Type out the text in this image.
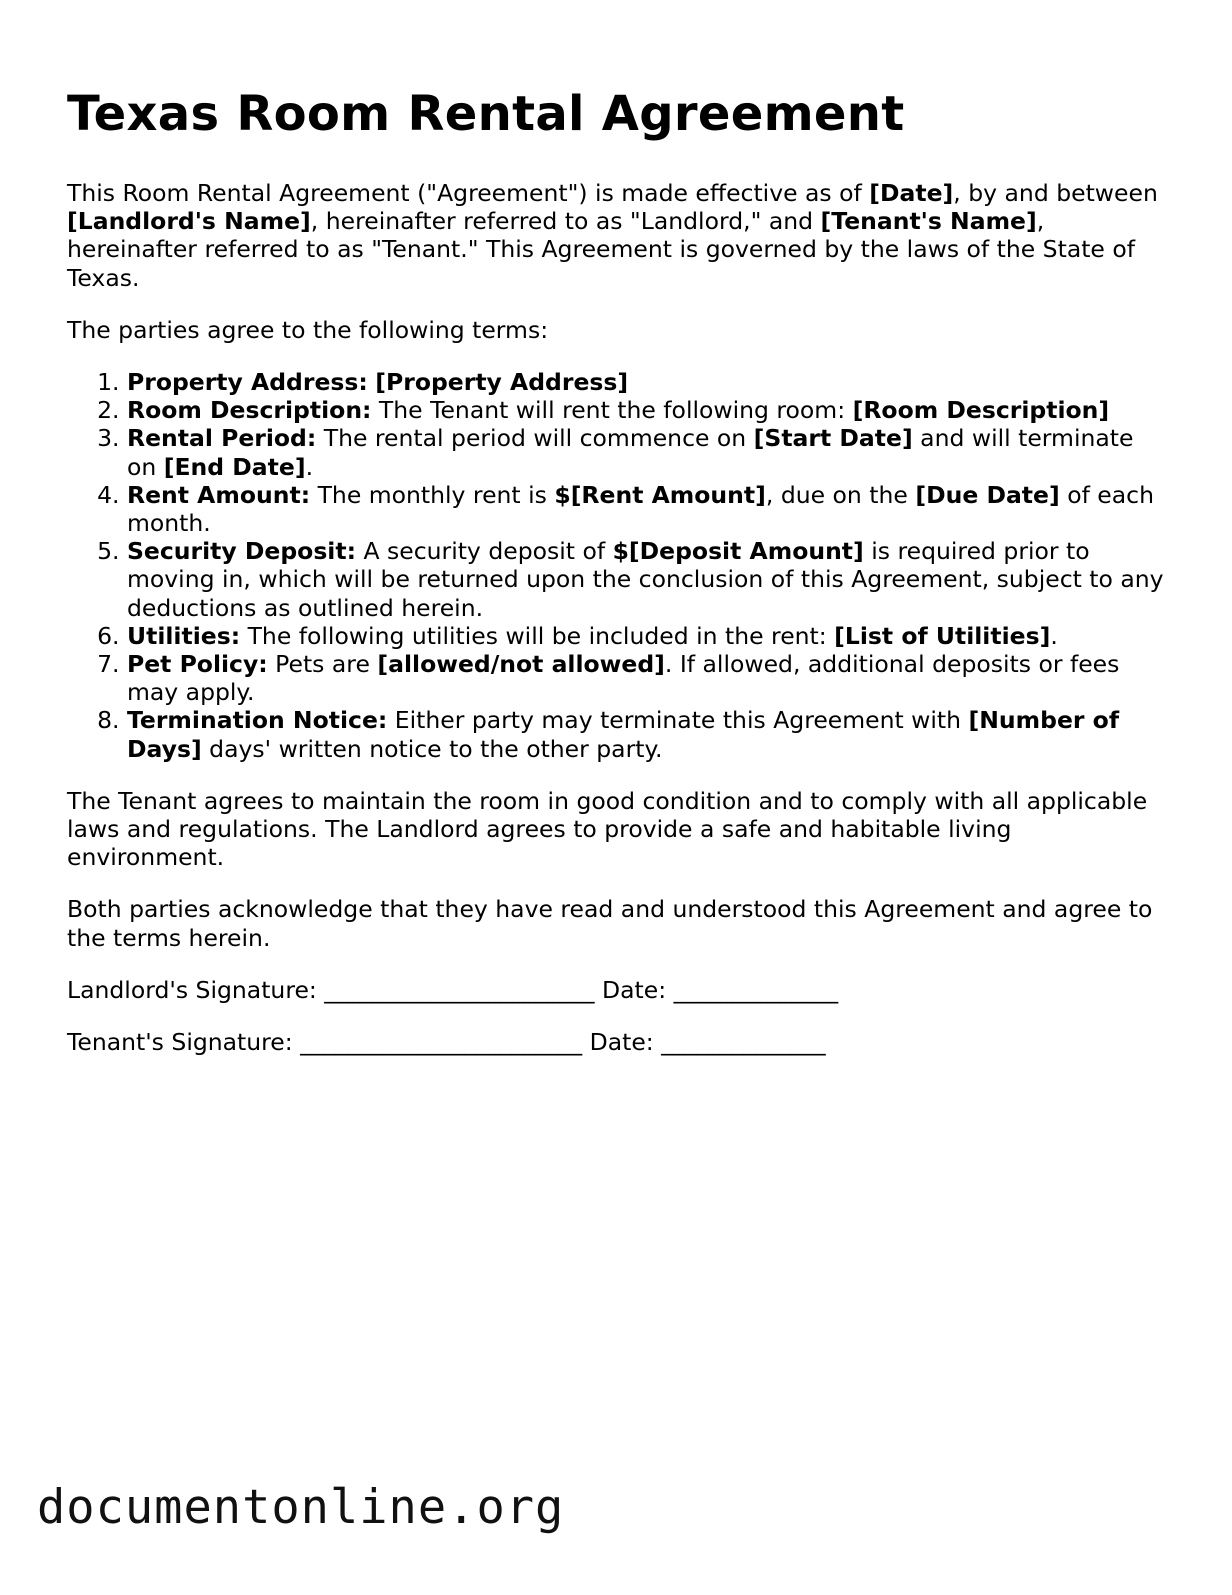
Texas Room Rental Agreement

This Room Rental Agreement ("Agreement") is made effective as of [Date], by and between [Landlord's Name], hereinafter referred to as "Landlord," and [Tenant's Name], hereinafter referred to as "Tenant." This Agreement is governed by the laws of the State of Texas.

The parties agree to the following terms:

1. Property Address: [Property Address]
2. Room Description: The Tenant will rent the following room: [Room Description]
3. Rental Period: The rental period will commence on [Start Date] and will terminate on [End Date].
4. Rent Amount: The monthly rent is $[Rent Amount], due on the [Due Date] of each month.
5. Security Deposit: A security deposit of $[Deposit Amount] is required prior to moving in, which will be returned upon the conclusion of this Agreement, subject to any deductions as outlined herein.
6. Utilities: The following utilities will be included in the rent: [List of Utilities].
7. Pet Policy: Pets are [allowed/not allowed]. If allowed, additional deposits or fees may apply.
8. Termination Notice: Either party may terminate this Agreement with [Number of Days] days' written notice to the other party.

The Tenant agrees to maintain the room in good condition and to comply with all applicable laws and regulations. The Landlord agrees to provide a safe and habitable living environment.

Both parties acknowledge that they have read and understood this Agreement and agree to the terms herein.

Landlord's Signature: _______________________ Date: ______________
Tenant's Signature: ________________________ Date: ______________
documentonline.org
